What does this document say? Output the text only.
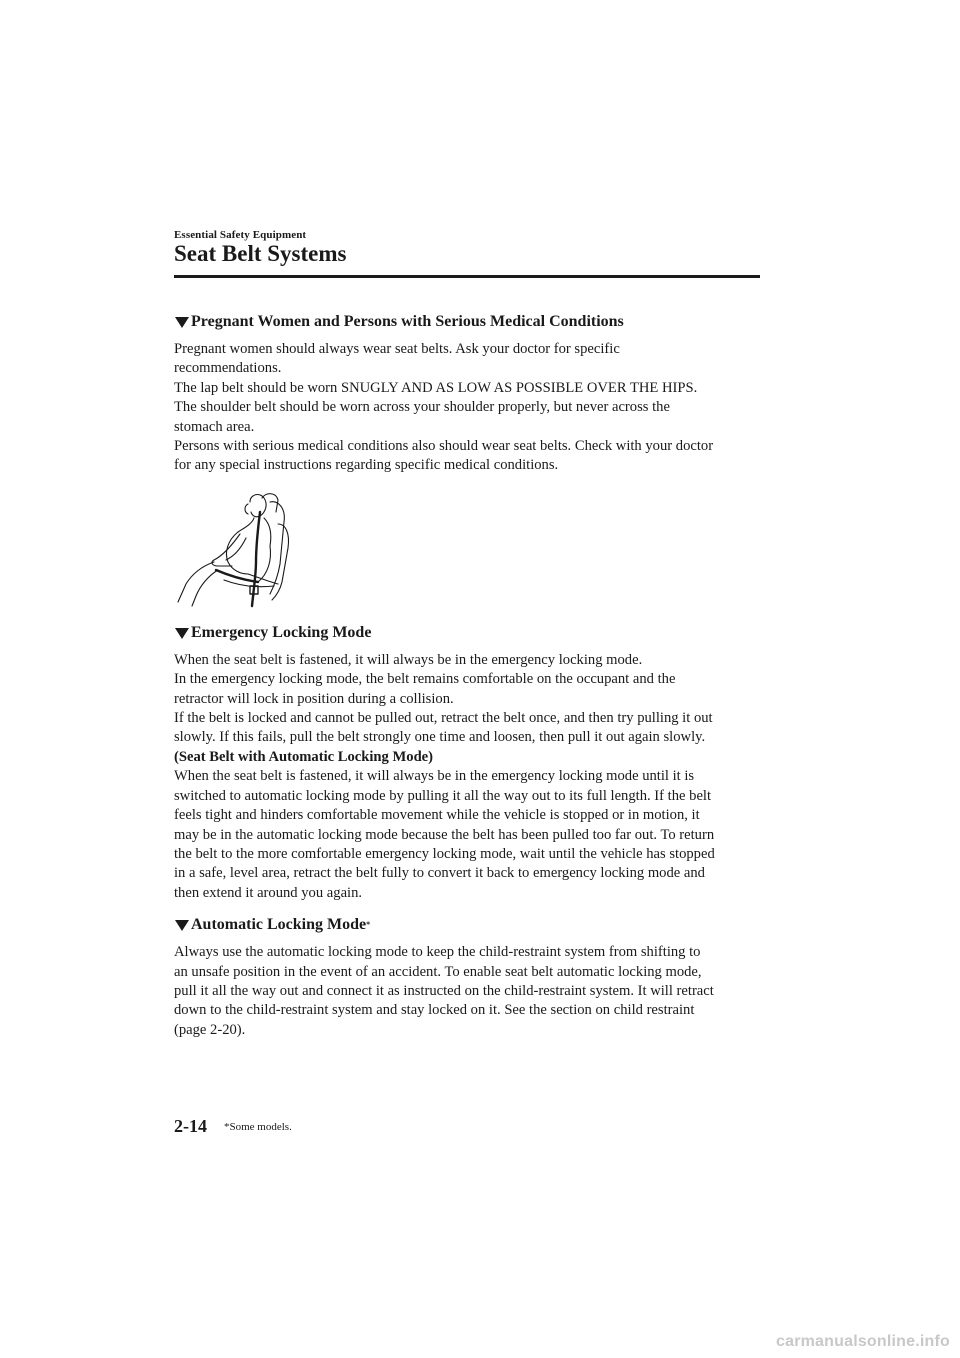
Essential Safety Equipment
Seat Belt Systems
Pregnant Women and Persons with Serious Medical Conditions

Pregnant women should always wear seat belts. Ask your doctor for specific

recommendations.

The lap belt should be worn SNUGLY AND AS LOW AS POSSIBLE OVER THE HIPS.

The shoulder belt should be worn across your shoulder properly, but never across the

stomach area.

Persons with serious medical conditions also should wear seat belts. Check with your doctor

for any special instructions regarding specific medical conditions.

Emergency Locking Mode

When the seat belt is fastened, it will always be in the emergency locking mode.

In the emergency locking mode, the belt remains comfortable on the occupant and the

retractor will lock in position during a collision.

If the belt is locked and cannot be pulled out, retract the belt once, and then try pulling it out

slowly. If this fails, pull the belt strongly one time and loosen, then pull it out again slowly.

(Seat Belt with Automatic Locking Mode)

When the seat belt is fastened, it will always be in the emergency locking mode until it is

switched to automatic locking mode by pulling it all the way out to its full length. If the belt

feels tight and hinders comfortable movement while the vehicle is stopped or in motion, it

may be in the automatic locking mode because the belt has been pulled too far out. To return

the belt to the more comfortable emergency locking mode, wait until the vehicle has stopped

in a safe, level area, retract the belt fully to convert it back to emergency locking mode and

then extend it around you again.

Automatic Locking Mode *

Always use the automatic locking mode to keep the child-restraint system from shifting to

an unsafe position in the event of an accident. To enable seat belt automatic locking mode,

pull it all the way out and connect it as instructed on the child-restraint system. It will retract

down to the child-restraint system and stay locked on it. See the section on child restraint

(page 2-20).

2-14 *Some models.
carmanualsonline.info
